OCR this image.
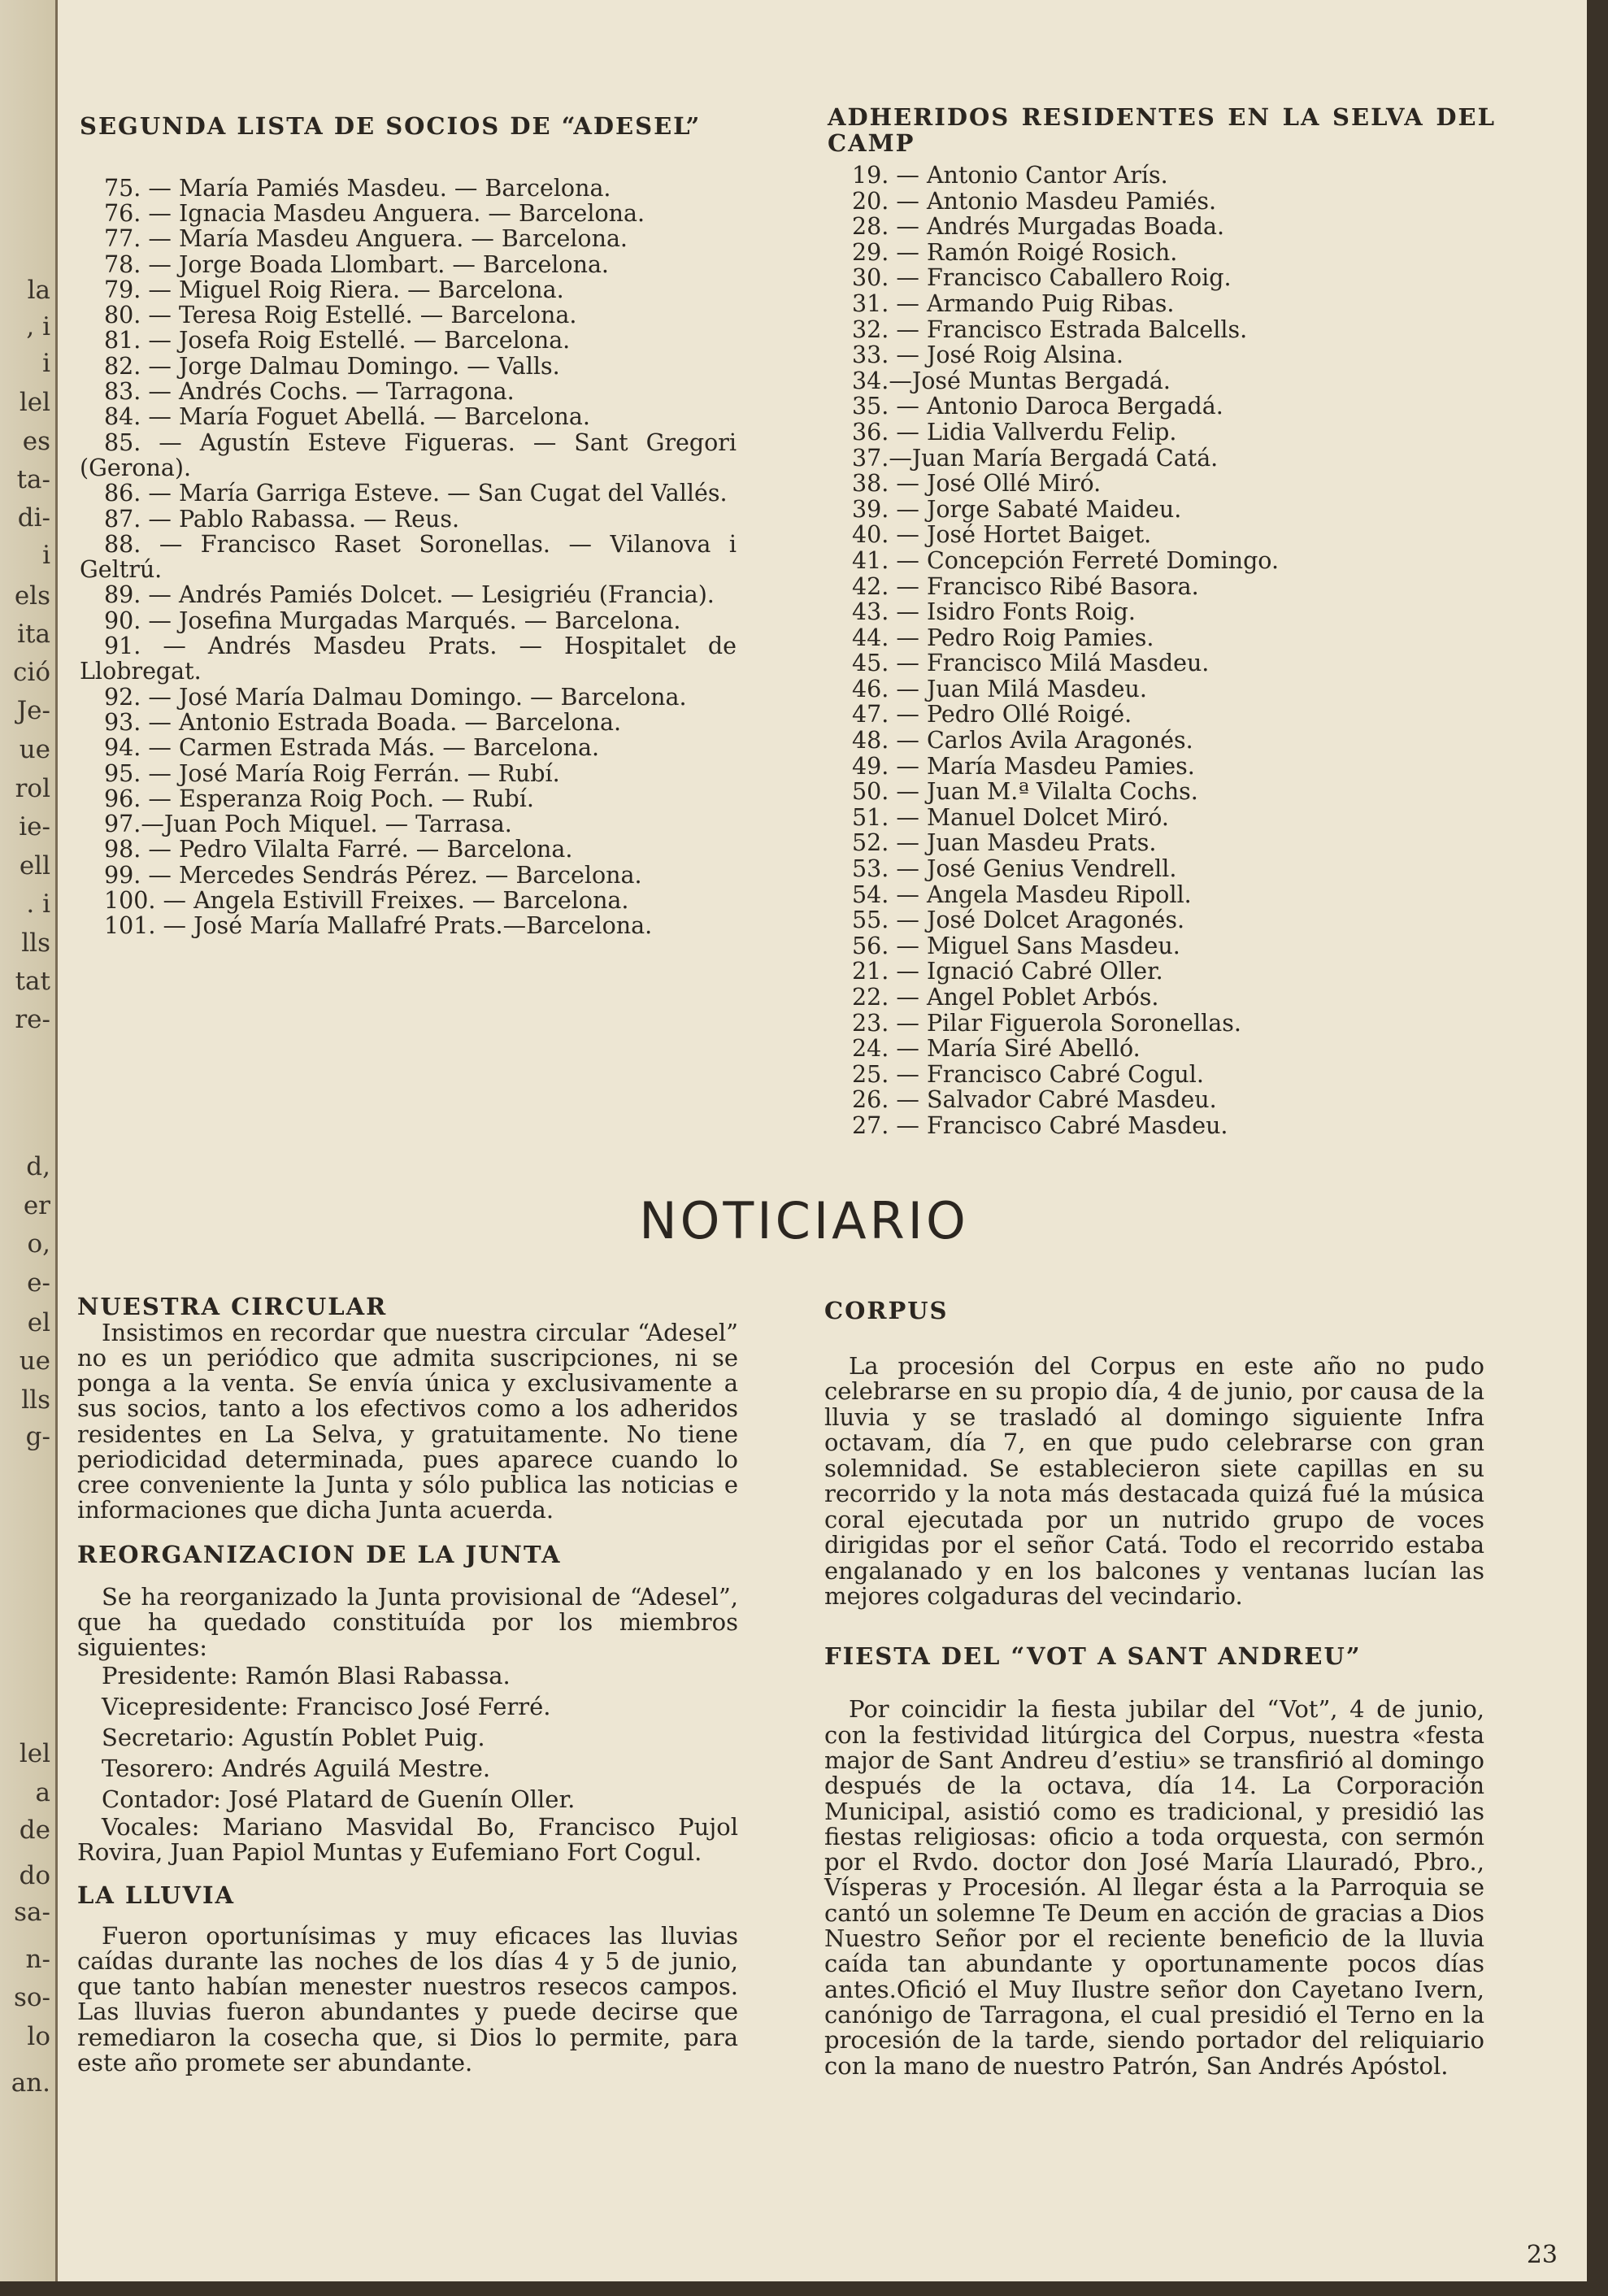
la
, i
i
lel
es
ta-
di-
i
els
ita
ció
Je-
ue
rol
ie-
ell
. i
lls
tat
re-
d,
er
o,
e-
el
ue
lls
g-
lel
a
de
do
sa-
n-
so-
lo
an.
SEGUNDA LISTA DE SOCIOS DE “ADESEL”
75. — María Pamiés Masdeu. — Barcelona.
76. — Ignacia Masdeu Anguera. — Barcelona.
77. — María Masdeu Anguera. — Barcelona.
78. — Jorge Boada Llombart. — Barcelona.
79. — Miguel Roig Riera. — Barcelona.
80. — Teresa Roig Estellé. — Barcelona.
81. — Josefa Roig Estellé. — Barcelona.
82. — Jorge Dalmau Domingo. — Valls.
83. — Andrés Cochs. — Tarragona.
84. — María Foguet Abellá. — Barcelona.
85. — Agustín Esteve Figueras. — Sant Gregori (Gerona).
86. — María Garriga Esteve. — San Cugat del Vallés.
87. — Pablo Rabassa. — Reus.
88. — Francisco Raset Soronellas. — Vilanova i Geltrú.
89. — Andrés Pamiés Dolcet. — Lesigriéu (Francia).
90. — Josefina Murgadas Marqués. — Barcelona.
91. — Andrés Masdeu Prats. — Hospitalet de Llobregat.
92. — José María Dalmau Domingo. — Barcelona.
93. — Antonio Estrada Boada. — Barcelona.
94. — Carmen Estrada Más. — Barcelona.
95. — José María Roig Ferrán. — Rubí.
96. — Esperanza Roig Poch. — Rubí.
97.—Juan Poch Miquel. — Tarrasa.
98. — Pedro Vilalta Farré. — Barcelona.
99. — Mercedes Sendrás Pérez. — Barcelona.
100. — Angela Estivill Freixes. — Barcelona.
101. — José María Mallafré Prats.—Barcelona.
ADHERIDOS RESIDENTES EN LA SELVA DEL CAMP
19. — Antonio Cantor Arís.
20. — Antonio Masdeu Pamiés.
28. — Andrés Murgadas Boada.
29. — Ramón Roigé Rosich.
30. — Francisco Caballero Roig.
31. — Armando Puig Ribas.
32. — Francisco Estrada Balcells.
33. — José Roig Alsina.
34.—José Muntas Bergadá.
35. — Antonio Daroca Bergadá.
36. — Lidia Vallverdu Felip.
37.—Juan María Bergadá Catá.
38. — José Ollé Miró.
39. — Jorge Sabaté Maideu.
40. — José Hortet Baiget.
41. — Concepción Ferreté Domingo.
42. — Francisco Ribé Basora.
43. — Isidro Fonts Roig.
44. — Pedro Roig Pamies.
45. — Francisco Milá Masdeu.
46. — Juan Milá Masdeu.
47. — Pedro Ollé Roigé.
48. — Carlos Avila Aragonés.
49. — María Masdeu Pamies.
50. — Juan M.ª Vilalta Cochs.
51. — Manuel Dolcet Miró.
52. — Juan Masdeu Prats.
53. — José Genius Vendrell.
54. — Angela Masdeu Ripoll.
55. — José Dolcet Aragonés.
56. — Miguel Sans Masdeu.
21. — Ignació Cabré Oller.
22. — Angel Poblet Arbós.
23. — Pilar Figuerola Soronellas.
24. — María Siré Abelló.
25. — Francisco Cabré Cogul.
26. — Salvador Cabré Masdeu.
27. — Francisco Cabré Masdeu.
NOTICIARIO
NUESTRA CIRCULAR

Insistimos en recordar que nuestra circular “Adesel” no es un periódico que admita suscripciones, ni se ponga a la venta. Se envía única y exclusivamente a sus socios, tanto a los efectivos como a los adheridos residentes en La Selva, y gratuitamente. No tiene periodicidad determinada, pues aparece cuando lo cree conveniente la Junta y sólo publica las noticias e informaciones que dicha Junta acuerda.

REORGANIZACION DE LA JUNTA

Se ha reorganizado la Junta provisional de “Adesel”, que ha quedado constituída por los miembros siguientes:

Presidente: Ramón Blasi Rabassa.

Vicepresidente: Francisco José Ferré.

Secretario: Agustín Poblet Puig.

Tesorero: Andrés Aguilá Mestre.

Contador: José Platard de Guenín Oller.

Vocales: Mariano Masvidal Bo, Francisco Pujol Rovira, Juan Papiol Muntas y Eufemiano Fort Cogul.

LA LLUVIA

Fueron oportunísimas y muy eficaces las lluvias caídas durante las noches de los días 4 y 5 de junio, que tanto habían menester nuestros resecos campos. Las lluvias fueron abundantes y puede decirse que remediaron la cosecha que, si Dios lo permite, para este año promete ser abundante.

CORPUS

La procesión del Corpus en este año no pudo celebrarse en su propio día, 4 de junio, por causa de la lluvia y se trasladó al domingo siguiente Infra octavam, día 7, en que pudo celebrarse con gran solemnidad. Se establecieron siete capillas en su recorrido y la nota más destacada quizá fué la música coral ejecutada por un nutrido grupo de voces dirigidas por el señor Catá. Todo el recorrido estaba engalanado y en los balcones y ventanas lucían las mejores colgaduras del vecindario.

FIESTA DEL “VOT A SANT ANDREU”

Por coincidir la fiesta jubilar del “Vot”, 4 de junio, con la festividad litúrgica del Corpus, nuestra «festa major de Sant Andreu d’estiu» se transfirió al domingo después de la octava, día 14. La Corporación Municipal, asistió como es tradicional, y presidió las fiestas religiosas: oficio a toda orquesta, con sermón por el Rvdo. doctor don José María Llauradó, Pbro., Vísperas y Procesión. Al llegar ésta a la Parroquia se cantó un solemne Te Deum en acción de gracias a Dios Nuestro Señor por el reciente beneficio de la lluvia caída tan abundante y oportunamente pocos días antes.Ofició el Muy Ilustre señor don Cayetano Ivern, canónigo de Tarragona, el cual presidió el Terno en la procesión de la tarde, siendo portador del reliquiario con la mano de nuestro Patrón, San Andrés Apóstol.

23
